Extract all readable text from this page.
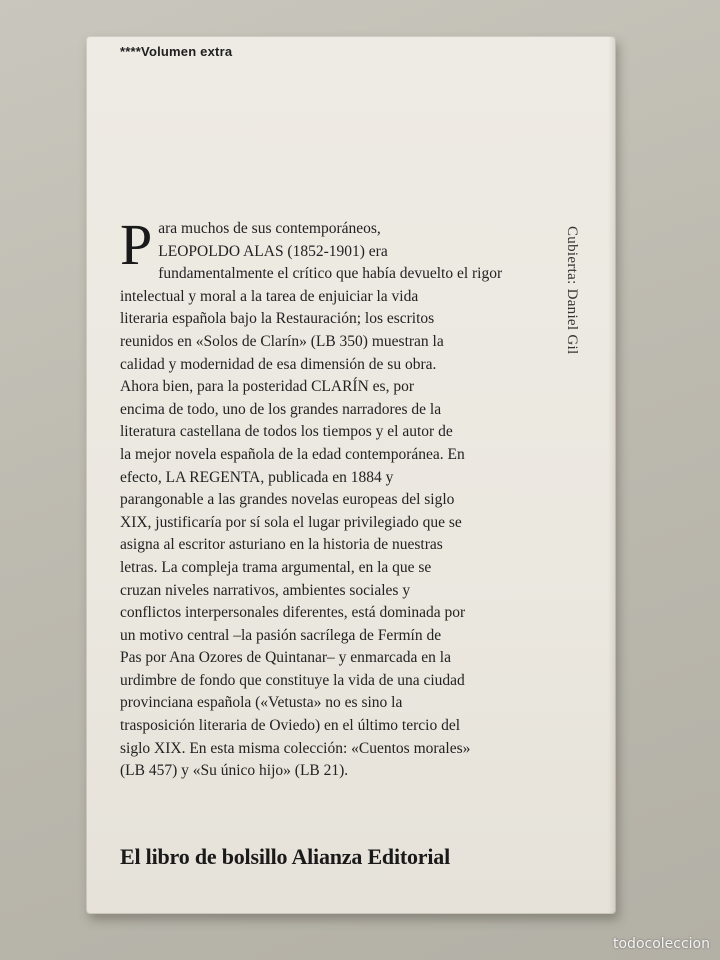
****Volumen extra
P ara muchos de sus contemporáneos,
LEOPOLDO ALAS (1852-1901) era
fundamentalmente el crítico que había devuelto el rigor
intelectual y moral a la tarea de enjuiciar la vida
literaria española bajo la Restauración; los escritos
reunidos en «Solos de Clarín» (LB 350) muestran la
calidad y modernidad de esa dimensión de su obra.
Ahora bien, para la posteridad CLARÍN es, por
encima de todo, uno de los grandes narradores de la
literatura castellana de todos los tiempos y el autor de
la mejor novela española de la edad contemporánea. En
efecto, LA REGENTA, publicada en 1884 y
parangonable a las grandes novelas europeas del siglo
XIX, justificaría por sí sola el lugar privilegiado que se
asigna al escritor asturiano en la historia de nuestras
letras. La compleja trama argumental, en la que se
cruzan niveles narrativos, ambientes sociales y
conflictos interpersonales diferentes, está dominada por
un motivo central –la pasión sacrílega de Fermín de
Pas por Ana Ozores de Quintanar– y enmarcada en la
urdimbre de fondo que constituye la vida de una ciudad
provinciana española («Vetusta» no es sino la
trasposición literaria de Oviedo) en el último tercio del
siglo XIX. En esta misma colección: «Cuentos morales»
(LB 457) y «Su único hijo» (LB 21).
Cubierta: Daniel Gil
El libro de bolsillo Alianza Editorial
todocoleccion
